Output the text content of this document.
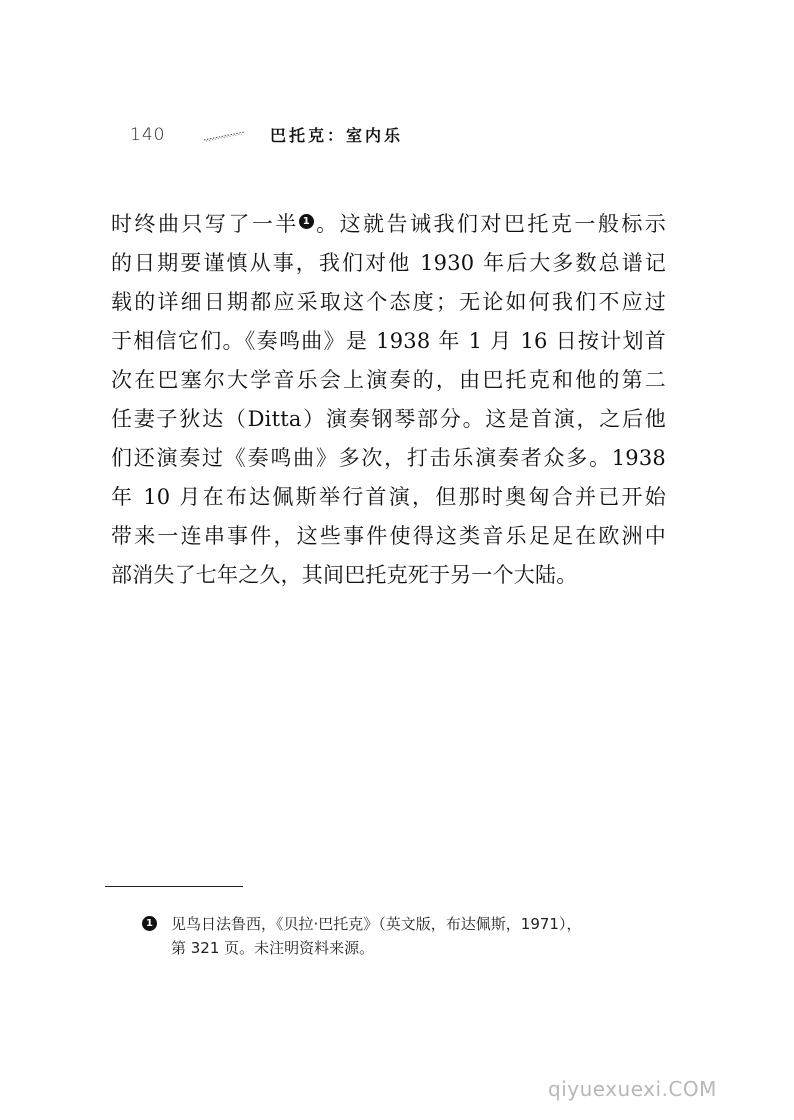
140	巴托克：室内乐
时终曲只写了一半 1 。这就告诫我们对巴托克一般标示
的日期要谨慎从事，我们对他 1930 年后大多数总谱记
载的详细日期都应采取这个态度；无论如何我们不应过
于相信它们。《奏鸣曲》是 1938 年 1 月 16 日按计划首
次在巴塞尔大学音乐会上演奏的，由巴托克和他的第二
任妻子狄达（Ditta）演奏钢琴部分。这是首演，之后他
们还演奏过《奏鸣曲》多次，打击乐演奏者众多。1938
年 10 月在布达佩斯举行首演，但那时奥匈合并已开始
带来一连串事件，这些事件使得这类音乐足足在欧洲中
部消失了七年之久，其间巴托克死于另一个大陆。
1 见鸟日法鲁西，《贝拉·巴托克》（英文版，布达佩斯，1971），
第 321 页。未注明资料来源。
qiyuexuexi.COM
